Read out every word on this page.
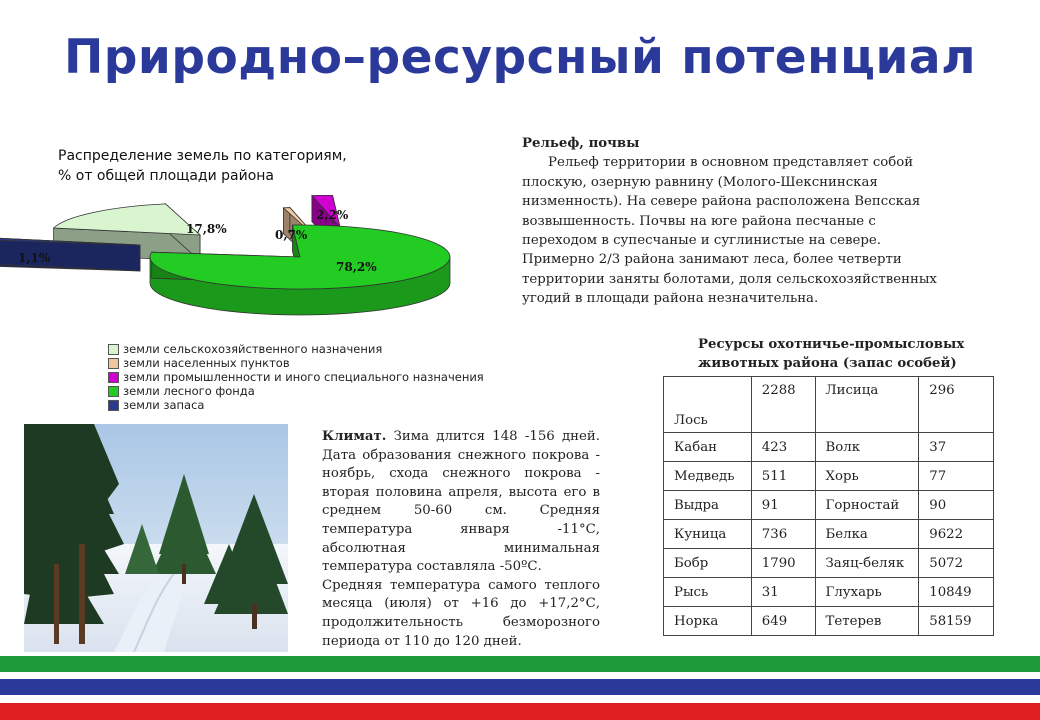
Природно–ресурсный потенциал
Распределение земель по категориям,
% от общей площади района
17,8%	0,7%
2,2%
78,2%
1,1%
земли сельскохозяйственного назначения
земли населенных пунктов
земли промышленности и иного специального назначения
земли лесного фонда
земли запаса
Рельеф, почвы
Рельеф территории в основном представляет собой плоскую, озерную равнину (Молого-Шекснинская низменность). На севере района расположена Вепсская возвышенность. Почвы на юге района песчаные с переходом в супесчаные и суглинистые на севере. Примерно 2/3 района занимают леса, более четверти территории заняты болотами, доля сельскохозяйственных угодий в площади района незначительна.

Климат. Зима длится 148 -156 дней. Дата образования снежного покрова - ноябрь, схода снежного покрова - вторая половина апреля, высота его в среднем 50-60 см. Средняя температура января -11°С, абсолютная минимальная температура составляла -50ºС.

Средняя температура самого теплого месяца (июля) от +16 до +17,2°С, продолжительность безморозного периода от 110 до 120 дней.

Ресурсы охотничье-промысловых
животных района (запас особей)
Лось	2288	Лисица	296
Кабан	423	Волк	37
Медведь	511	Хорь	77
Выдра	91	Горностай	90
Куница	736	Белка	9622
Бобр	1790	Заяц-беляк	5072
Рысь	31	Глухарь	10849
Норка	649	Тетерев	58159
